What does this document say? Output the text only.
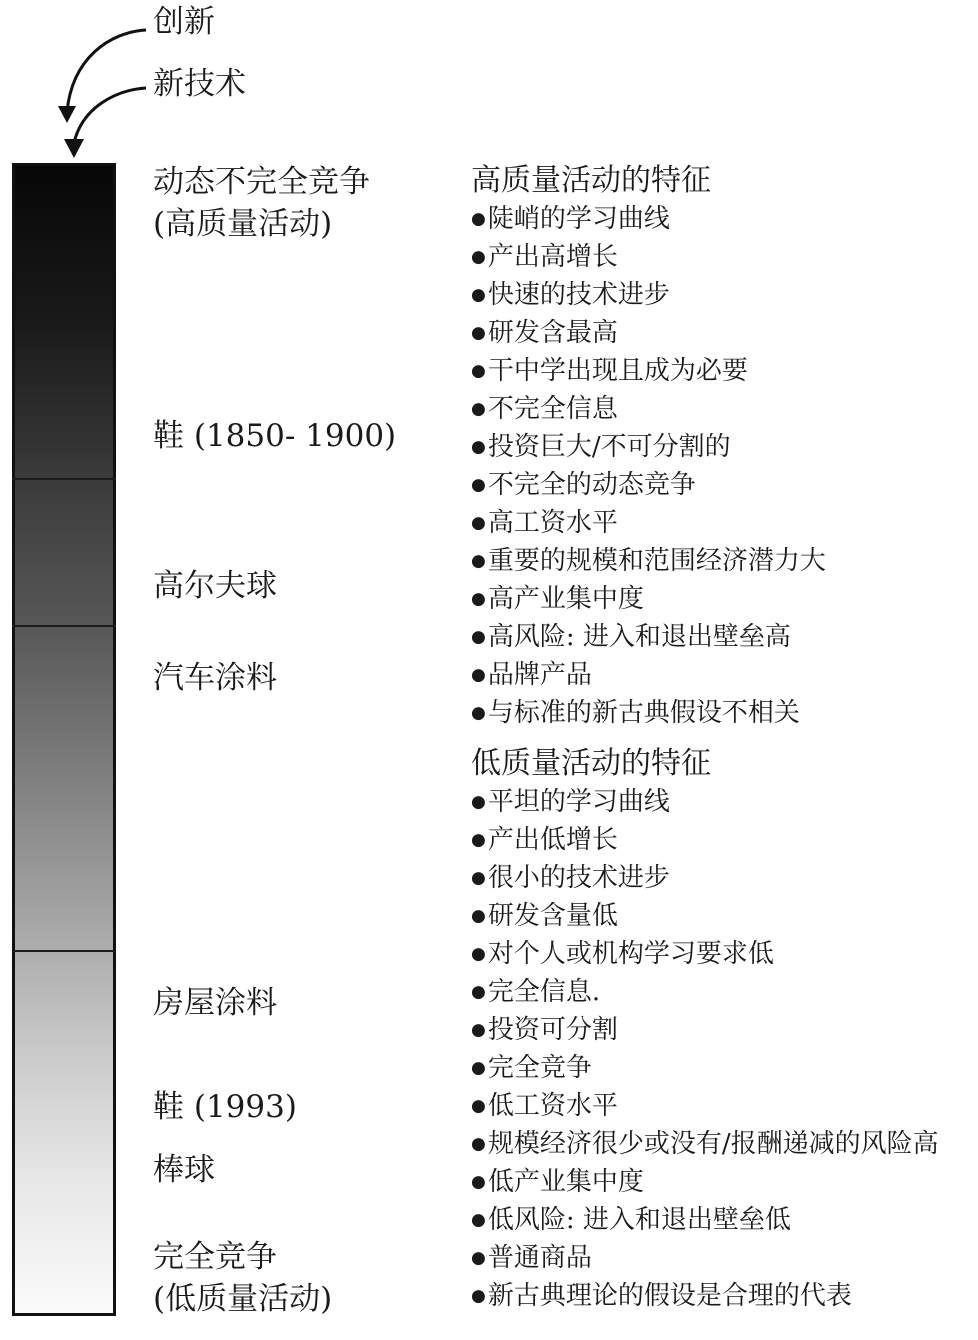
创新
新技术
动态不完全竞争
(高质量活动)
鞋 (1850- 1900)
高尔夫球
汽车涂料
房屋涂料
鞋 (1993)
棒球
完全竞争
(低质量活动)
高质量活动的特征
● 陡峭的学习曲线
● 产出高增长
● 快速的技术进步
● 研发含最高
● 干中学出现且成为必要
● 不完全信息
● 投资巨大/不可分割的
● 不完全的动态竞争
● 高工资水平
● 重要的规模和范围经济潜力大
● 高产业集中度
● 高风险: 进入和退出壁垒高
● 品牌产品
● 与标准的新古典假设不相关
低质量活动的特征
● 平坦的学习曲线
● 产出低增长
● 很小的技术进步
● 研发含量低
● 对个人或机构学习要求低
● 完全信息.
● 投资可分割
● 完全竞争
● 低工资水平
● 规模经济很少或没有/报酬递减的风险高
● 低产业集中度
● 低风险: 进入和退出壁垒低
● 普通商品
● 新古典理论的假设是合理的代表
